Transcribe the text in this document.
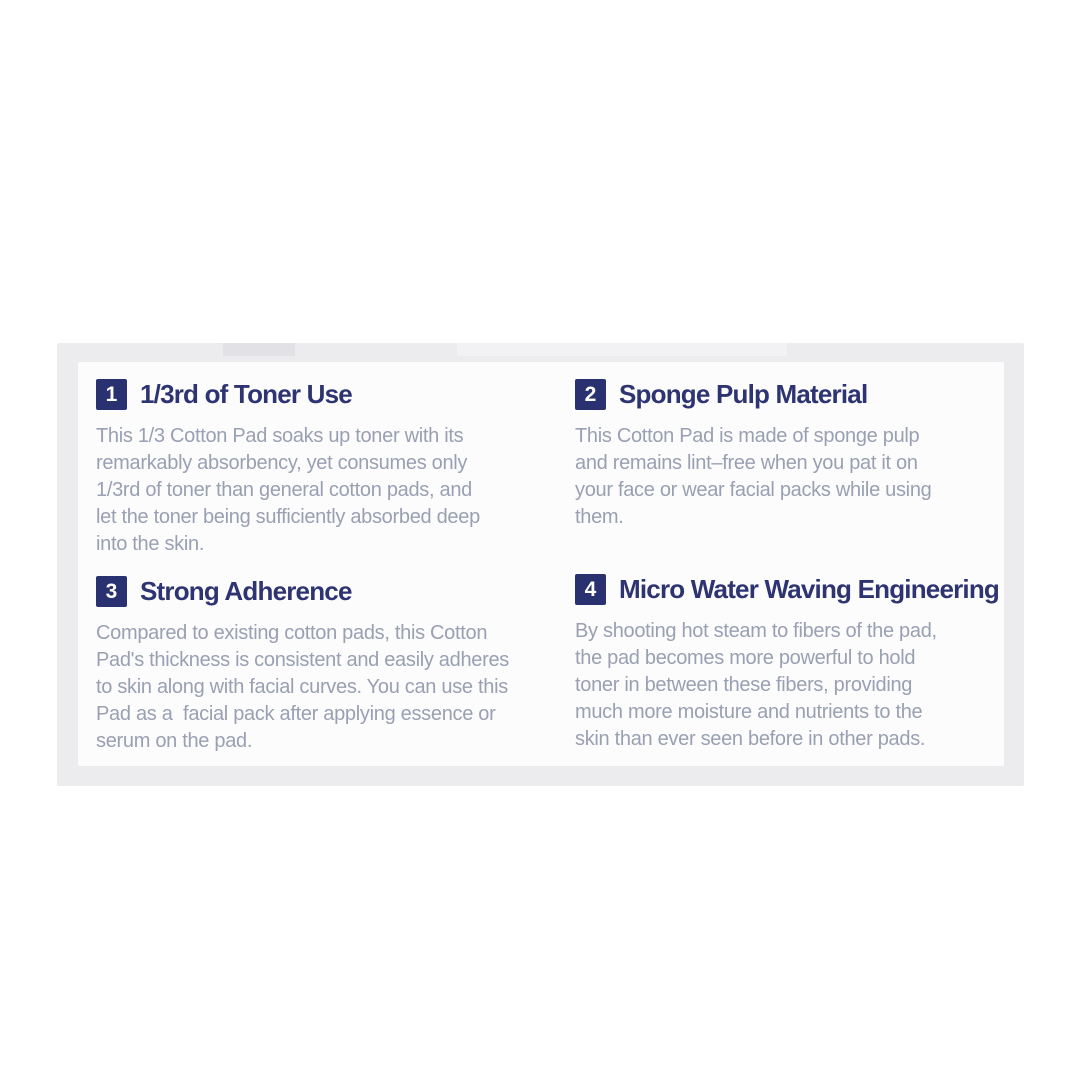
1 1/3rd of Toner Use

This 1/3 Cotton Pad soaks up toner with its
remarkably absorbency, yet consumes only
1/3rd of toner than general cotton pads, and
let the toner being sufficiently absorbed deep
into the skin.

2 Sponge Pulp Material

This Cotton Pad is made of sponge pulp
and remains lint–free when you pat it on
your face or wear facial packs while using
them.

3 Strong Adherence

Compared to existing cotton pads, this Cotton
Pad's thickness is consistent and easily adheres
to skin along with facial curves. You can use this
Pad as a  facial pack after applying essence or
serum on the pad.

4 Micro Water Waving Engineering

By shooting hot steam to fibers of the pad,
the pad becomes more powerful to hold
toner in between these fibers, providing
much more moisture and nutrients to the
skin than ever seen before in other pads.
